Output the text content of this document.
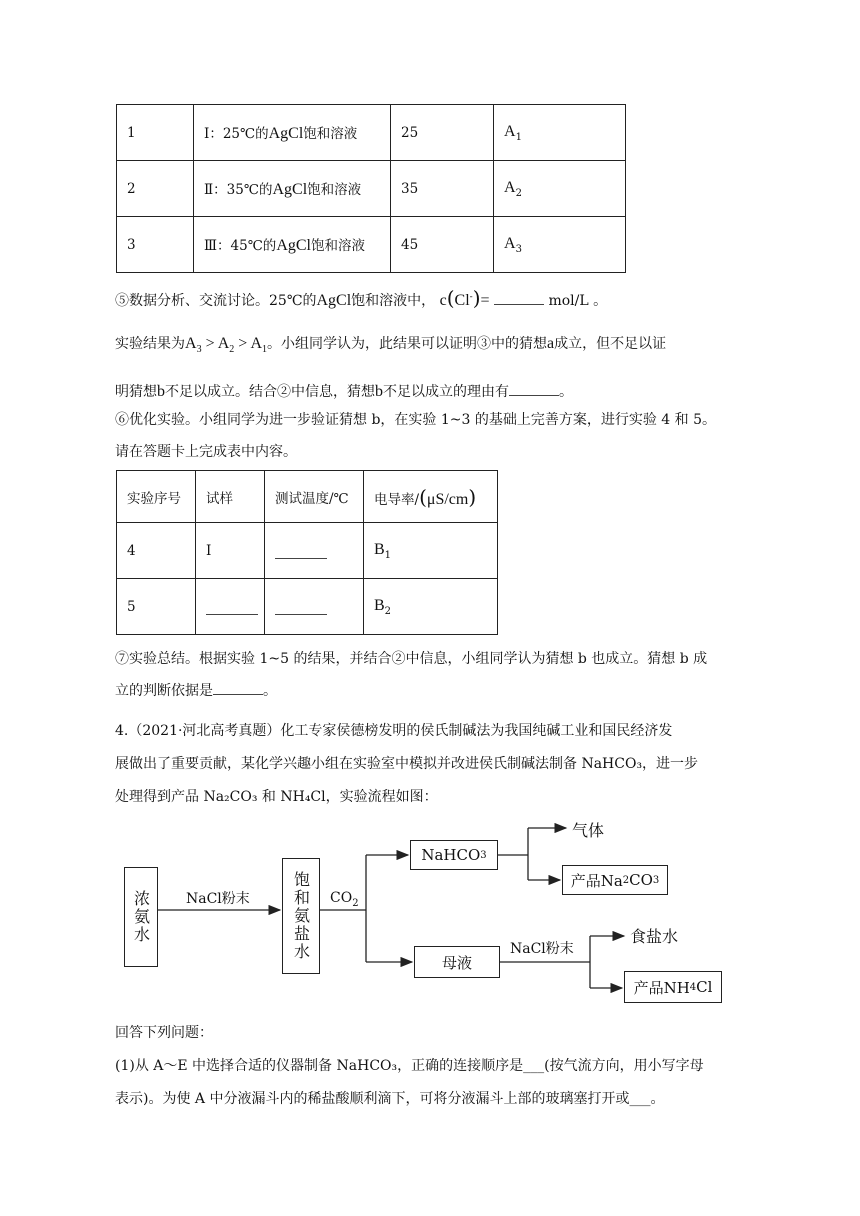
1	Ⅰ：25℃的AgCl饱和溶液	25	$A_1$
2	Ⅱ：35℃的AgCl饱和溶液	35	$A_2$
3	Ⅲ：45℃的AgCl饱和溶液	45	$A_3$
⑤数据分析、交流讨论。25℃的AgCl饱和溶液中， c(Cl-)=	mol/L 。
实验结果为$A_3 > A_2 > A_1$。小组同学认为，此结果可以证明③中的猜想a成立，但不足以证
明猜想b不足以成立。结合②中信息，猜想b不足以成立的理由有	。
⑥优化实验。小组同学为进一步验证猜想 b，在实验 1~3 的基础上完善方案，进行实验 4 和 5。
请在答题卡上完成表中内容。
实验序号	试样	测试温度/℃	电导率/(μS/cm)
4	Ⅰ		$B_1$
5			$B_2$
⑦实验总结。根据实验 1~5 的结果，并结合②中信息，小组同学认为猜想 b 也成立。猜想 b 成
立的判断依据是	。
4.（2021·河北高考真题）化工专家侯德榜发明的侯氏制碱法为我国纯碱工业和国民经济发
展做出了重要贡献，某化学兴趣小组在实验室中模拟并改进侯氏制碱法制备 NaHCO₃，进一步
处理得到产品 Na₂CO₃ 和 NH₄Cl，实验流程如图：
浓氨水	NaCl粉末	饱和氨盐水 $CO_2$
NaHCO 3
气体
产品Na 2 CO 3
母液
NaCl粉末
食盐水
产品NH 4 Cl
回答下列问题：
(1)从 A～E 中选择合适的仪器制备 NaHCO₃，正确的连接顺序是___(按气流方向，用小写字母
表示)。为使 A 中分液漏斗内的稀盐酸顺利滴下，可将分液漏斗上部的玻璃塞打开或___。
